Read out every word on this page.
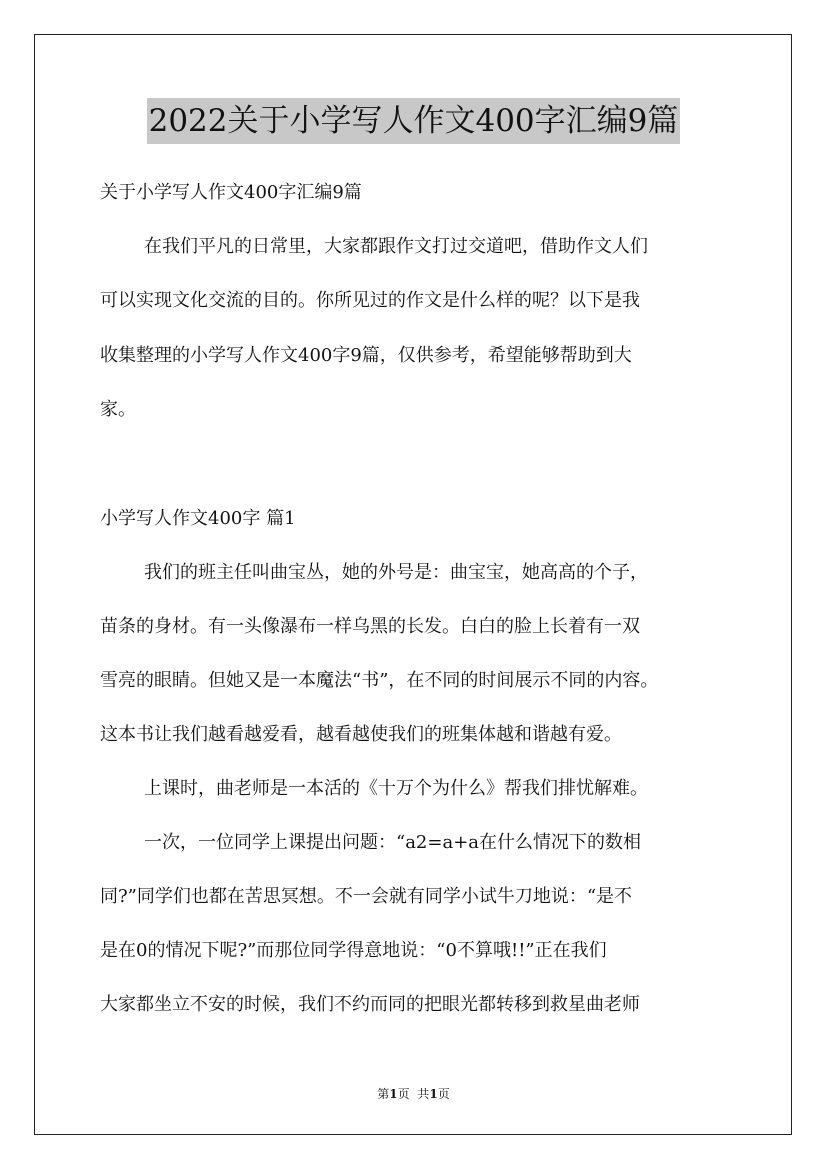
2022关于小学写人作文400字汇编9篇
关于小学写人作文400字汇编9篇
在我们平凡的日常里，大家都跟作文打过交道吧，借助作文人们
可以实现文化交流的目的。你所见过的作文是什么样的呢？以下是我
收集整理的小学写人作文400字9篇，仅供参考，希望能够帮助到大
家。
小学写人作文400字 篇1
我们的班主任叫曲宝丛，她的外号是：曲宝宝，她高高的个子，
苗条的身材。有一头像瀑布一样乌黑的长发。白白的脸上长着有一双
雪亮的眼睛。但她又是一本魔法“书”，在不同的时间展示不同的内容。
这本书让我们越看越爱看，越看越使我们的班集体越和谐越有爱。
上课时，曲老师是一本活的《十万个为什么》帮我们排忧解难。
一次，一位同学上课提出问题：“a2=a+a在什么情况下的数相
同?”同学们也都在苦思冥想。不一会就有同学小试牛刀地说：“是不
是在0的情况下呢?”而那位同学得意地说：“0不算哦!!”正在我们
大家都坐立不安的时候，我们不约而同的把眼光都转移到救星曲老师
第1页 共1页
